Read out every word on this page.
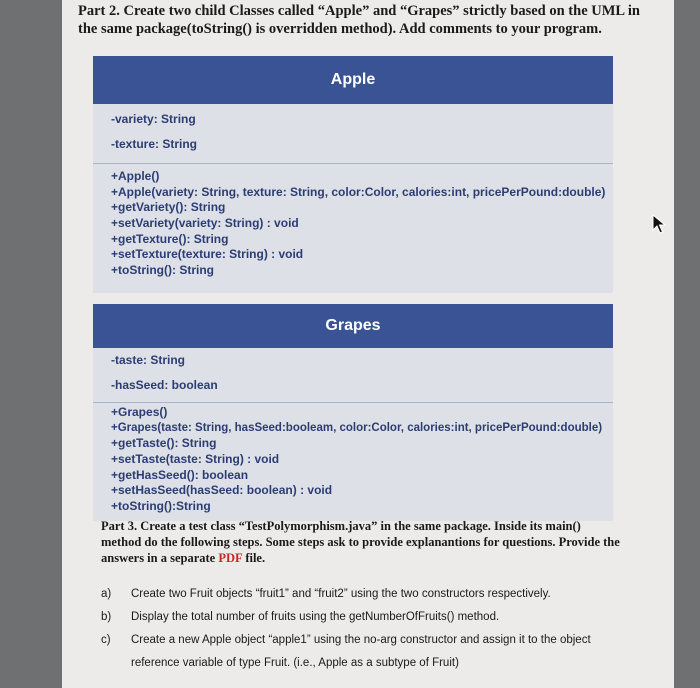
Part 2. Create two child Classes called “Apple” and “Grapes” strictly based on the UML in the same package(toString() is overridden method). Add comments to your program.
Apple
-variety: String
-texture: String
+Apple()
+Apple(variety: String, texture: String, color:Color, calories:int, pricePerPound:double)
+getVariety(): String
+setVariety(variety: String) : void
+getTexture(): String
+setTexture(texture: String) : void
+toString(): String
Grapes
-taste: String
-hasSeed: boolean
+Grapes()
+Grapes(taste: String, hasSeed:booleam, color:Color, calories:int, pricePerPound:double)
+getTaste(): String
+setTaste(taste: String) : void
+getHasSeed(): boolean
+setHasSeed(hasSeed: boolean) : void
+toString():String
Part 3. Create a test class “TestPolymorphism.java” in the same package. Inside its main() method do the following steps. Some steps ask to provide explanantions for questions. Provide the answers in a separate PDF file.
a)	Create two Fruit objects “fruit1” and “fruit2” using the two constructors respectively.
b)	Display the total number of fruits using the getNumberOfFruits() method.
c)	Create a new Apple object “apple1” using the no-arg constructor and assign it to the object
reference variable of type Fruit. (i.e., Apple as a subtype of Fruit)
